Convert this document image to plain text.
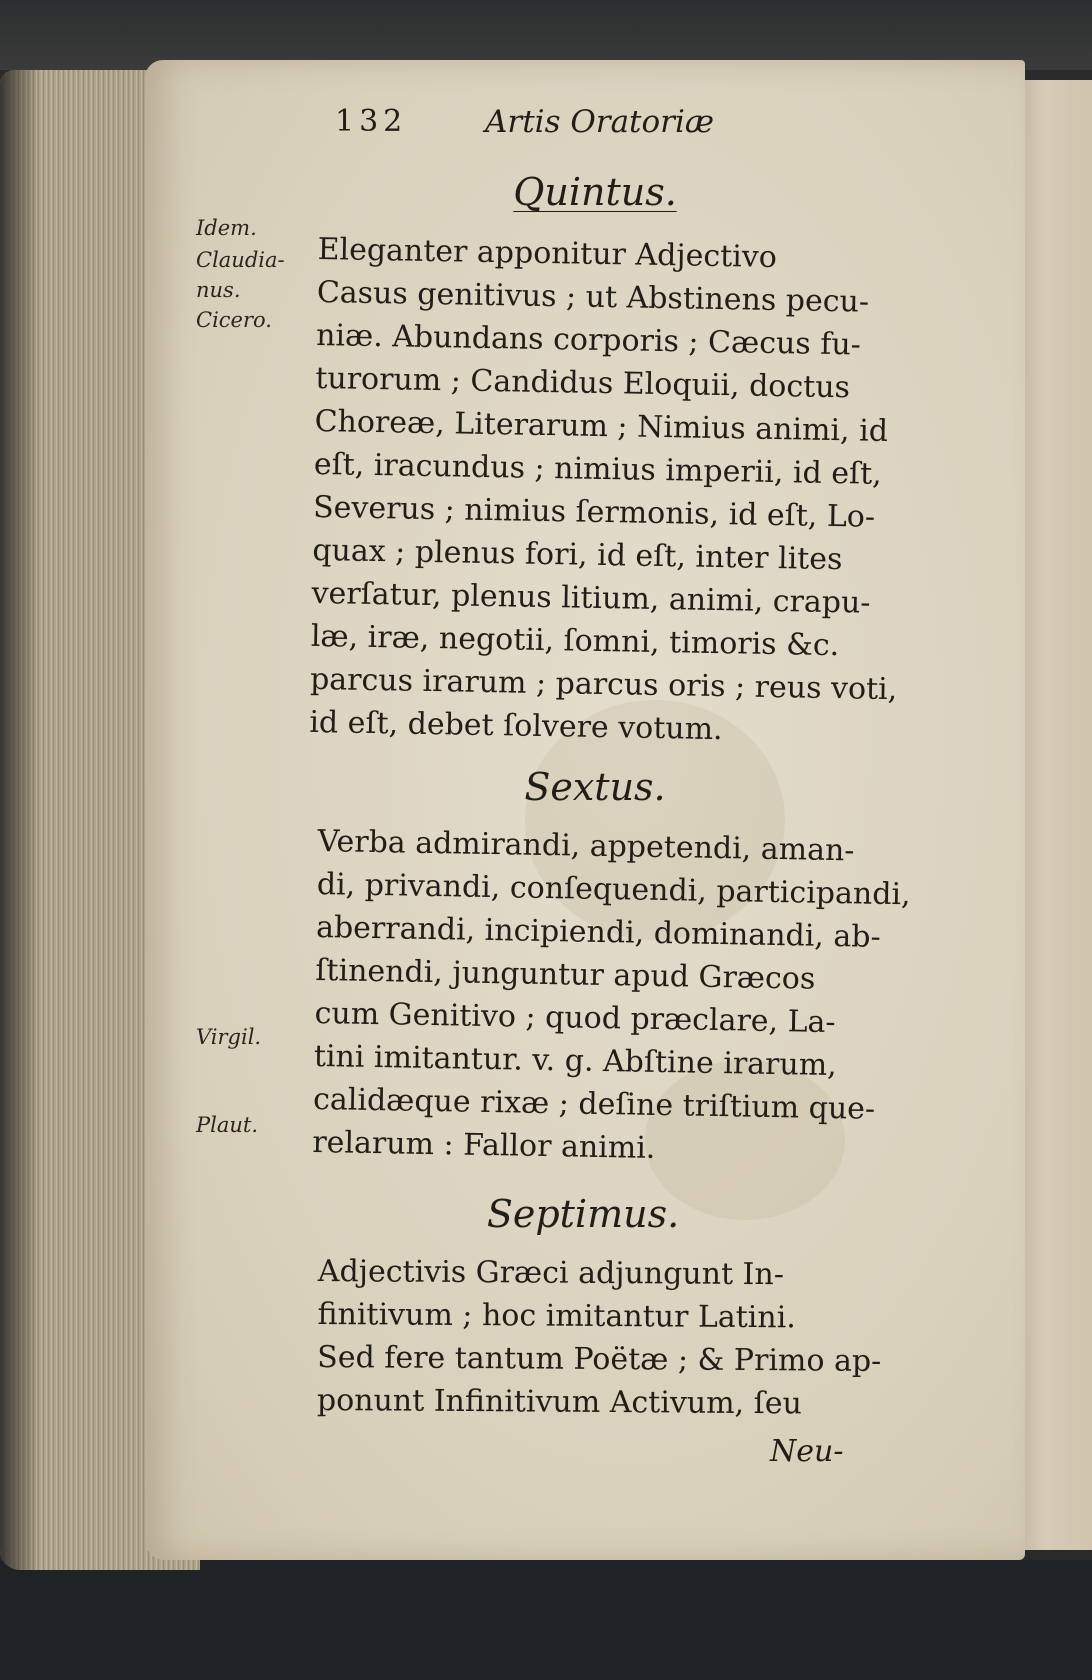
132	Artis Oratoriæ
Quintus.
Idem.
Claudia-
nus.
Cicero.
Eleganter apponitur Adjectivo
Casus genitivus ; ut Abstinens pecu-
niæ. Abundans corporis ; Cæcus fu-
turorum ; Candidus Eloquii, doctus
Choreæ, Literarum ; Nimius animi, id
eſt, iracundus ; nimius imperii, id eſt,
Severus ; nimius ſermonis, id eſt, Lo-
quax ; plenus fori, id eſt, inter lites
verſatur, plenus litium, animi, crapu-
læ, iræ, negotii, ſomni, timoris &c.
parcus irarum ; parcus oris ; reus voti,
id eſt, debet ſolvere votum.
Sextus.
Virgil.
Plaut.
Verba admirandi, appetendi, aman-
di, privandi, conſequendi, participandi,
aberrandi, incipiendi, dominandi, ab-
ſtinendi, junguntur apud Græcos
cum Genitivo ; quod præclare, La-
tini imitantur. v. g. Abſtine irarum,
calidæque rixæ ; deſine triſtium que-
relarum : Fallor animi.
Septimus.
Adjectivis Græci adjungunt In-
finitivum ; hoc imitantur Latini.
Sed fere tantum Poëtæ ; & Primo ap-
ponunt Infinitivum Activum, ſeu
Neu-
